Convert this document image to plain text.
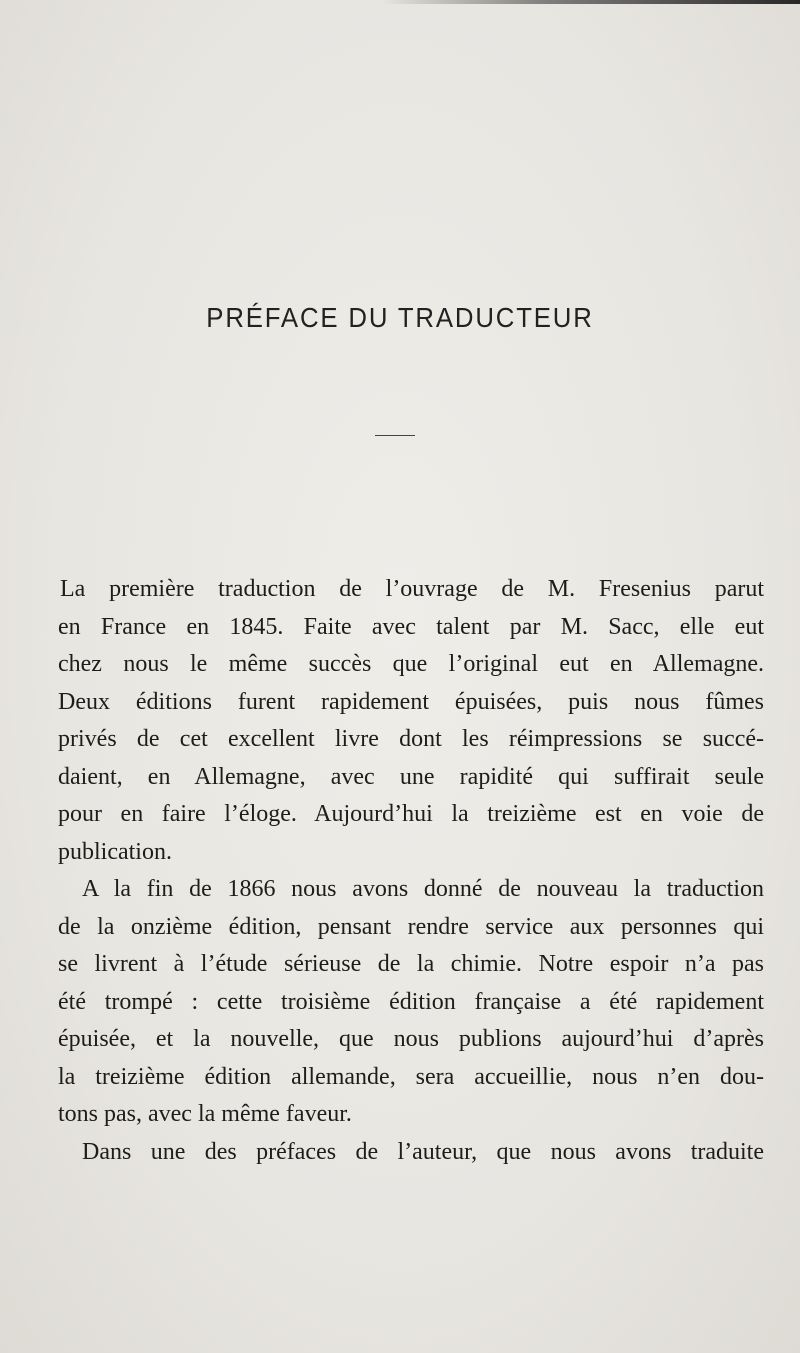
PRÉFACE DU TRADUCTEUR
La première traduction de l’ouvrage de M. Fresenius parut
en France en 1845. Faite avec talent par M. Sacc, elle eut
chez nous le même succès que l’original eut en Allemagne.
Deux éditions furent rapidement épuisées, puis nous fûmes
privés de cet excellent livre dont les réimpressions se succé-
daient, en Allemagne, avec une rapidité qui suffirait seule
pour en faire l’éloge. Aujourd’hui la treizième est en voie de
publication.
A la fin de 1866 nous avons donné de nouveau la traduction
de la onzième édition, pensant rendre service aux personnes qui
se livrent à l’étude sérieuse de la chimie. Notre espoir n’a pas
été trompé : cette troisième édition française a été rapidement
épuisée, et la nouvelle, que nous publions aujourd’hui d’après
la treizième édition allemande, sera accueillie, nous n’en dou-
tons pas, avec la même faveur.
Dans une des préfaces de l’auteur, que nous avons traduite
